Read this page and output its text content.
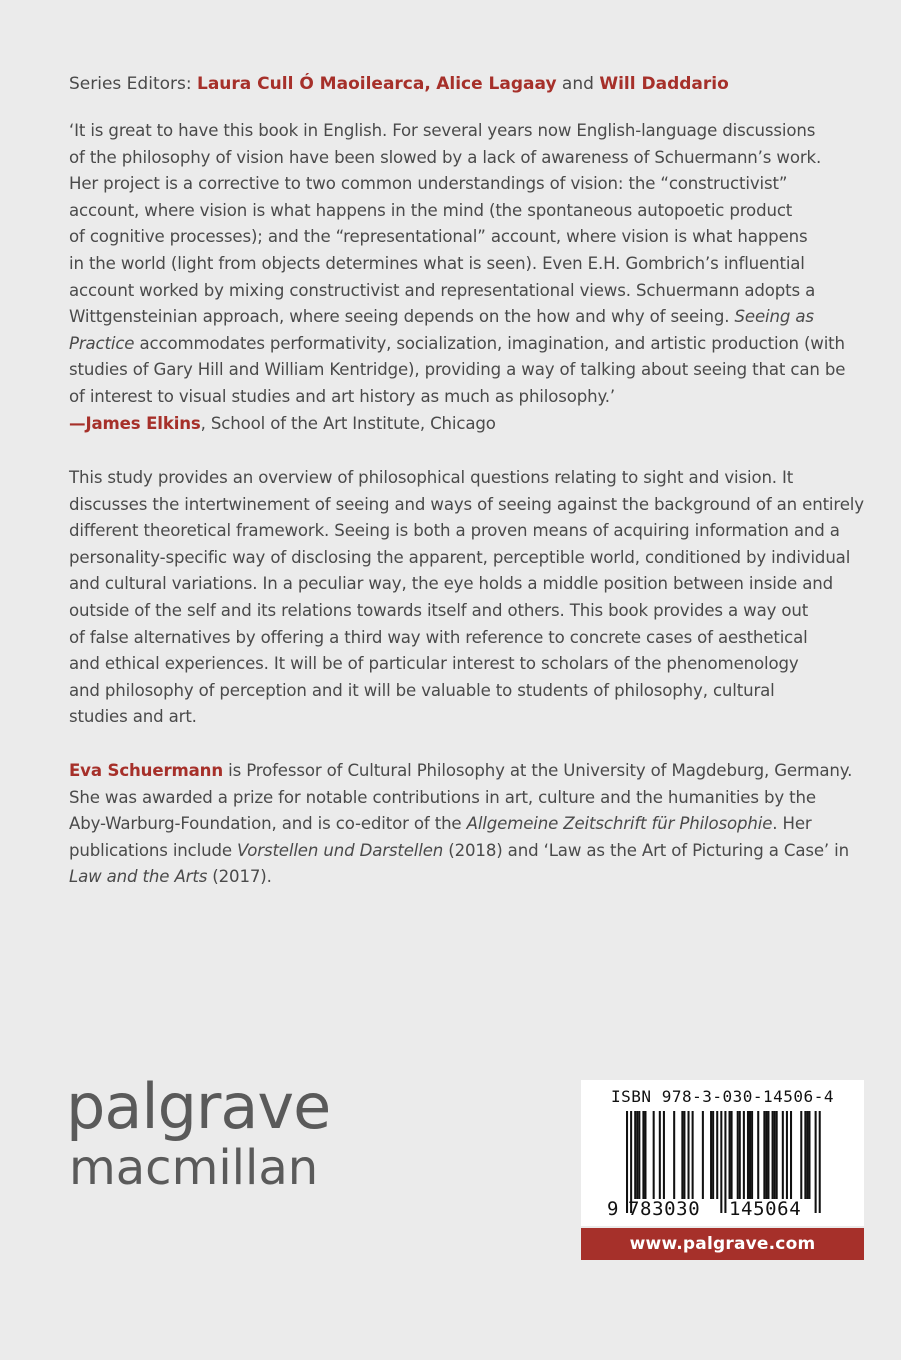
Series Editors: Laura Cull Ó Maoilearca, Alice Lagaay and Will Daddario
‘It is great to have this book in English. For several years now English-language discussions
of the philosophy of vision have been slowed by a lack of awareness of Schuermann’s work.
Her project is a corrective to two common understandings of vision: the “constructivist”
account, where vision is what happens in the mind (the spontaneous autopoetic product
of cognitive processes); and the “representational” account, where vision is what happens
in the world (light from objects determines what is seen). Even E.H. Gombrich’s influential
account worked by mixing constructivist and representational views. Schuermann adopts a
Wittgensteinian approach, where seeing depends on the how and why of seeing. Seeing as
Practice accommodates performativity, socialization, imagination, and artistic production (with
studies of Gary Hill and William Kentridge), providing a way of talking about seeing that can be
of interest to visual studies and art history as much as philosophy.’
—James Elkins, School of the Art Institute, Chicago
This study provides an overview of philosophical questions relating to sight and vision. It
discusses the intertwinement of seeing and ways of seeing against the background of an entirely
different theoretical framework. Seeing is both a proven means of acquiring information and a
personality-specific way of disclosing the apparent, perceptible world, conditioned by individual
and cultural variations. In a peculiar way, the eye holds a middle position between inside and
outside of the self and its relations towards itself and others. This book provides a way out
of false alternatives by offering a third way with reference to concrete cases of aesthetical
and ethical experiences. It will be of particular interest to scholars of the phenomenology
and philosophy of perception and it will be valuable to students of philosophy, cultural
studies and art.
Eva Schuermann is Professor of Cultural Philosophy at the University of Magdeburg, Germany.
She was awarded a prize for notable contributions in art, culture and the humanities by the
Aby-Warburg-Foundation, and is co-editor of the Allgemeine Zeitschrift für Philosophie. Her
publications include Vorstellen und Darstellen (2018) and ‘Law as the Art of Picturing a Case’ in
Law and the Arts (2017).
palgrave
macmillan
ISBN 978-3-030-14506-4
9 783030 145064
www.palgrave.com
